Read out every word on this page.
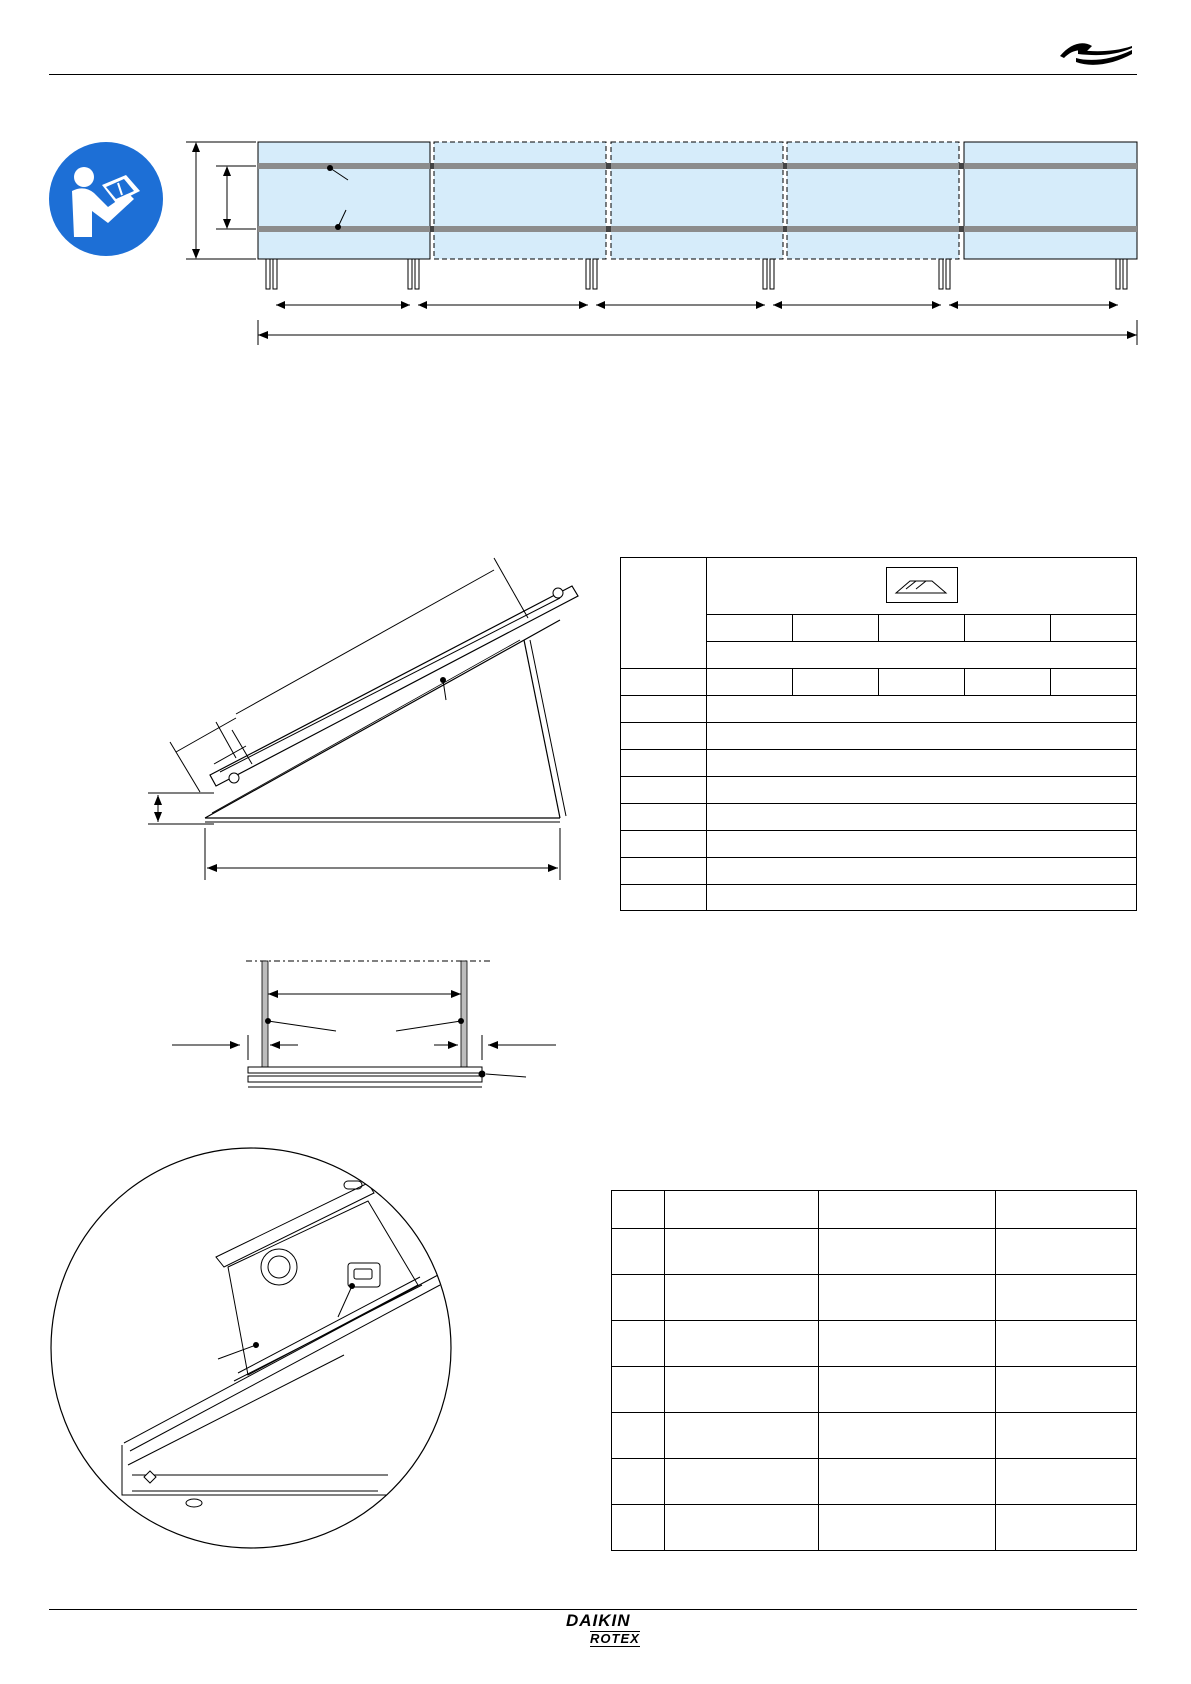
DAIKIN
ROTEX
